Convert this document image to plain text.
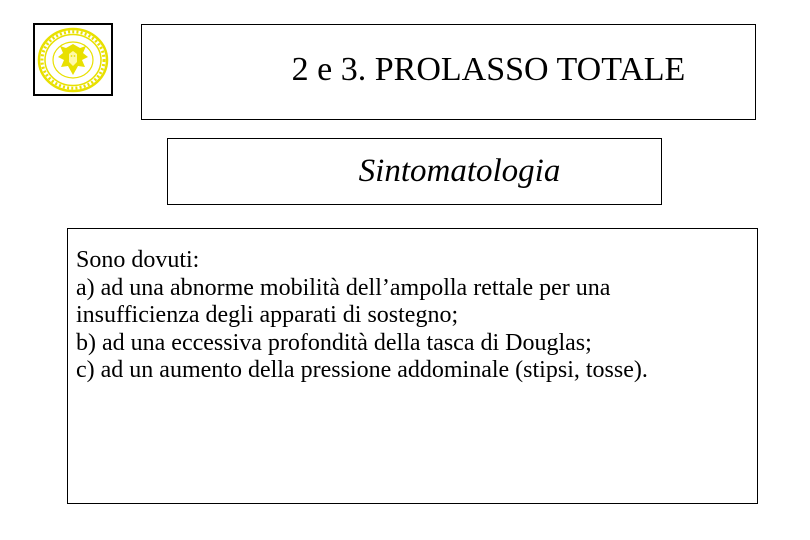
2 e 3. PROLASSO TOTALE
Sintomatologia

Sono dovuti:

a) ad una abnorme mobilità dell’ampolla rettale per una

insufficienza degli apparati di sostegno;

b) ad una eccessiva profondità della tasca di Douglas;

c) ad un aumento della pressione addominale (stipsi, tosse).
